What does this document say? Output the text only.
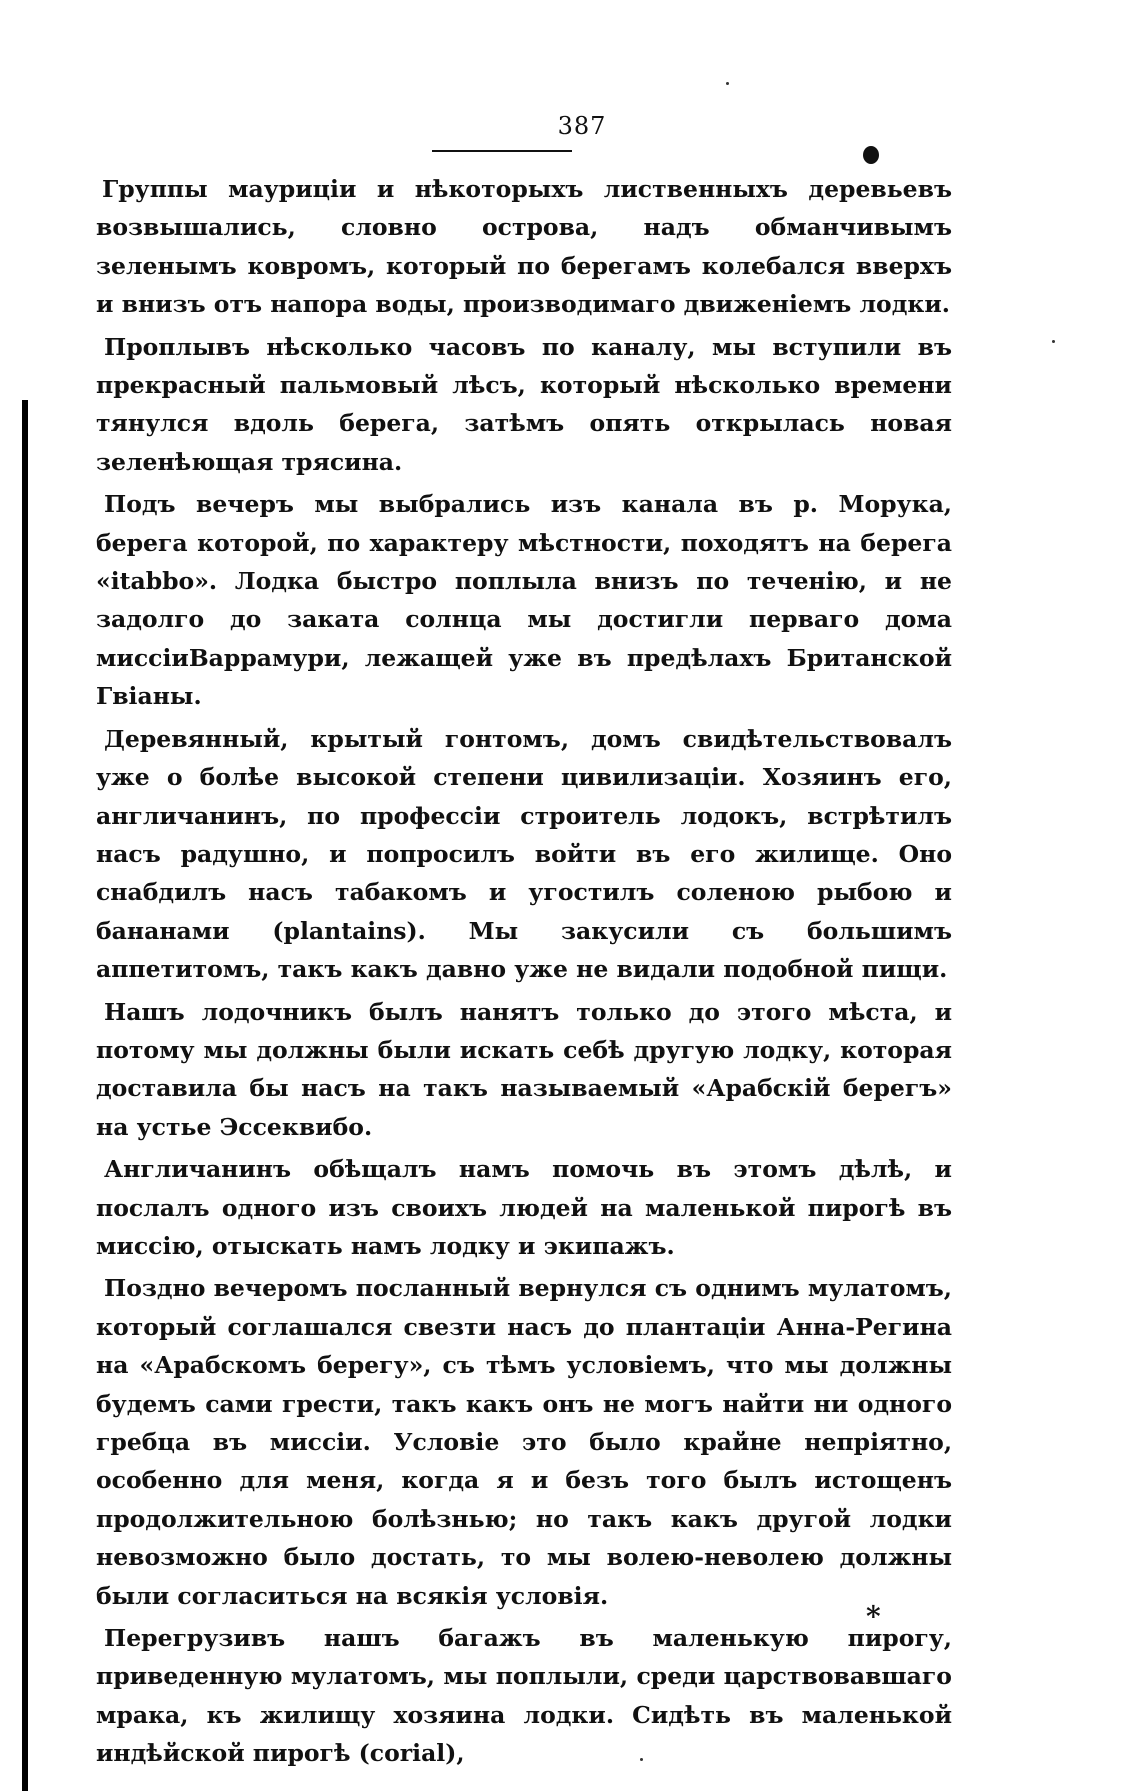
387

Группы маурицiи и нѣкоторыхъ лиственныхъ деревьевъ возвышались, словно острова, надъ обманчивымъ зеленымъ ковромъ, который по берегамъ колебался вверхъ и внизъ отъ напора воды, производимаго движенiемъ лодки.

Проплывъ нѣсколько часовъ по каналу, мы вступили въ прекрасный пальмовый лѣсъ, который нѣсколько времени тянулся вдоль берега, затѣмъ опять открылась новая зеленѣющая трясина.

Подъ вечеръ мы выбрались изъ канала въ р. Морука, берега которой, по характеру мѣстности, походятъ на берега «itabbo». Лодка быстро поплыла внизъ по теченiю, и не задолго до заката солнца мы достигли перваго дома миссiиВаррамури, лежащей уже въ предѣлахъ Британской Гвiаны.

Деревянный, крытый гонтомъ, домъ свидѣтельствовалъ уже о болѣе высокой степени цивилизацiи. Хозяинъ его, англичанинъ, по профессiи строитель лодокъ, встрѣтилъ насъ радушно, и попросилъ войти въ его жилище. Оно снабдилъ насъ табакомъ и угостилъ соленою рыбою и бананами (plantains). Мы закусили съ большимъ аппетитомъ, такъ какъ давно уже не видали подобной пищи.

Нашъ лодочникъ былъ нанятъ только до этого мѣста, и потому мы должны были искать себѣ другую лодку, которая доставила бы насъ на такъ называемый «Арабскiй берегъ» на устье Эссеквибо.

Англичанинъ обѣщалъ намъ помочь въ этомъ дѣлѣ, и послалъ одного изъ своихъ людей на маленькой пирогѣ въ миссiю, отыскать намъ лодку и экипажъ.

Поздно вечеромъ посланный вернулся съ однимъ мулатомъ, который соглашался свезти насъ до плантацiи Анна-Регина на «Арабскомъ берегу», съ тѣмъ условiемъ, что мы должны будемъ сами грести, такъ какъ онъ не могъ найти ни одного гребца въ миссiи. Условiе это было крайне непрiятно, особенно для меня, когда я и безъ того былъ истощенъ продолжительною болѣзнью; но такъ какъ другой лодки невозможно было достать, то мы волею-неволею должны были согласиться на всякiя условiя.

Перегрузивъ нашъ багажъ въ маленькую пирогу, приведенную мулатомъ, мы поплыли, среди царствовавшаго мрака, къ жилищу хозяина лодки. Сидѣть въ маленькой индѣйской пирогѣ (corial),

*
